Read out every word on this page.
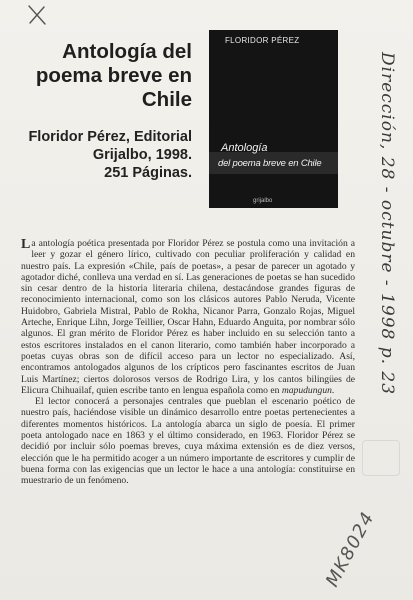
Antología del
poema breve en
Chile
Floridor Pérez, Editorial
Grijalbo, 1998.
251 Páginas.
FLORIDOR PÉREZ
Antología
del poema breve en Chile
grijalbo

L a antología poética presentada por Floridor Pérez se postula como una invitación a leer y gozar el género lírico, cultivado con peculiar proliferación y calidad en nuestro país. La expresión «Chile, país de poetas», a pesar de parecer un agotado y agotador diché, conlleva una verdad en sí. Las generaciones de poetas se han sucedido sin cesar dentro de la historia literaria chilena, destacándose grandes figuras de reconocimiento internacional, como son los clásicos autores Pablo Neruda, Vicente Huidobro, Gabriela Mistral, Pablo de Rokha, Nicanor Parra, Gonzalo Rojas, Miguel Arteche, Enrique Lihn, Jorge Teillier, Oscar Hahn, Eduardo Anguita, por nombrar sólo algunos. El gran mérito de Floridor Pérez es haber incluido en su selección tanto a estos escritores instalados en el canon literario, como también haber incorporado a poetas cuyas obras son de difícil acceso para un lector no especializado. Así, encontramos antologados algunos de los crípticos pero fascinantes escritos de Juan Luis Martínez; ciertos dolorosos versos de Rodrigo Lira, y los cantos bilingües de Elicura Chihuailaf, quien escribe tanto en lengua española como en mapudungun.

El lector conocerá a personajes centrales que pueblan el escenario poético de nuestro país, haciéndose visible un dinámico desarrollo entre poetas pertenecientes a diferentes momentos históricos. La antología abarca un siglo de poesía. El primer poeta antologado nace en 1863 y el último considerado, en 1963. Floridor Pérez se decidió por incluir sólo poemas breves, cuya máxima extensión es de diez versos, elección que le ha permitido acoger a un número importante de escritores y cumplir de buena forma con las exigencias que un lector le hace a una antología: constituirse en muestrario de un fenómeno.

Dirección, 28 - octubre - 1998 p. 23
MK8024
